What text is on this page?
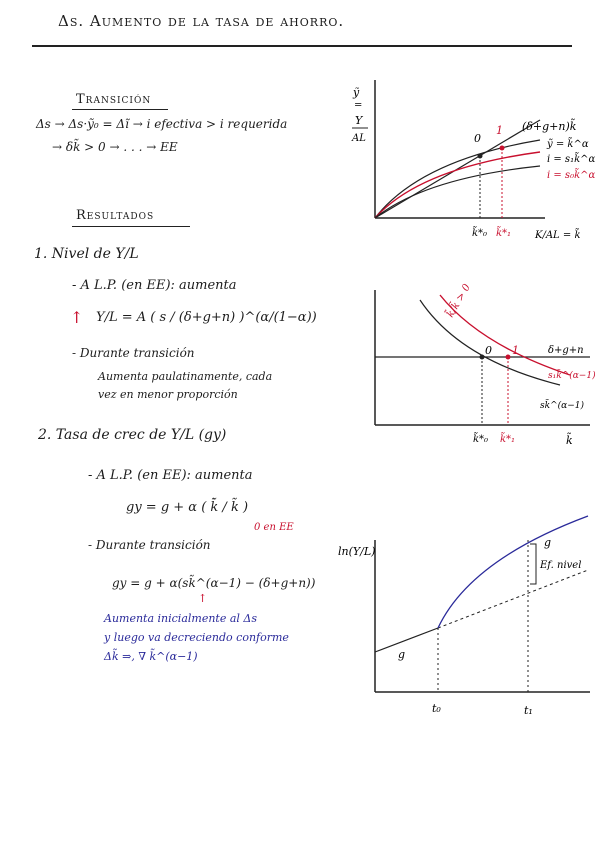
Δs. Aumento de la tasa de ahorro.
Transición
Δs → Δs·ỹ₀ = Δĩ → i efectiva > i requerida
→ δk̃ > 0 → . . . → EE
Resultados
1. Nivel de Y/L
- A L.P. (en EE): aumenta
↑ Y/L = A ( s / (δ+g+n) )^(α/(1−α))
- Durante transición
Aumenta paulatinamente, cada
vez en menor proporción
2. Tasa de crec de Y/L (gy)
- A L.P. (en EE): aumenta
gy = g + α ( k̃̇ / k̃ )
0 en EE
- Durante transición
gy = g + α(sk̃^(α−1) − (δ+g+n))
↑
Aumenta inicialmente al Δs
y luego va decreciendo conforme
Δk̃ ⇒, ∇ k̃^(α−1)
ỹ
=
Y
AL
(δ+g+n)k̃
ỹ = k̃^α
i = s₁k̃^α
i = s₀k̃^α
0
1
k̃*₀ k̃*₁ K/AL = k̃
0 1
k̃̇/k̃ > 0
δ+g+n
s₁k̃^(α−1)
sk̃^(α−1)
k̃*₀ k̃*₁	k̃
ln(Y/L)
g
g
Ef. nivel
t₀	t₁
